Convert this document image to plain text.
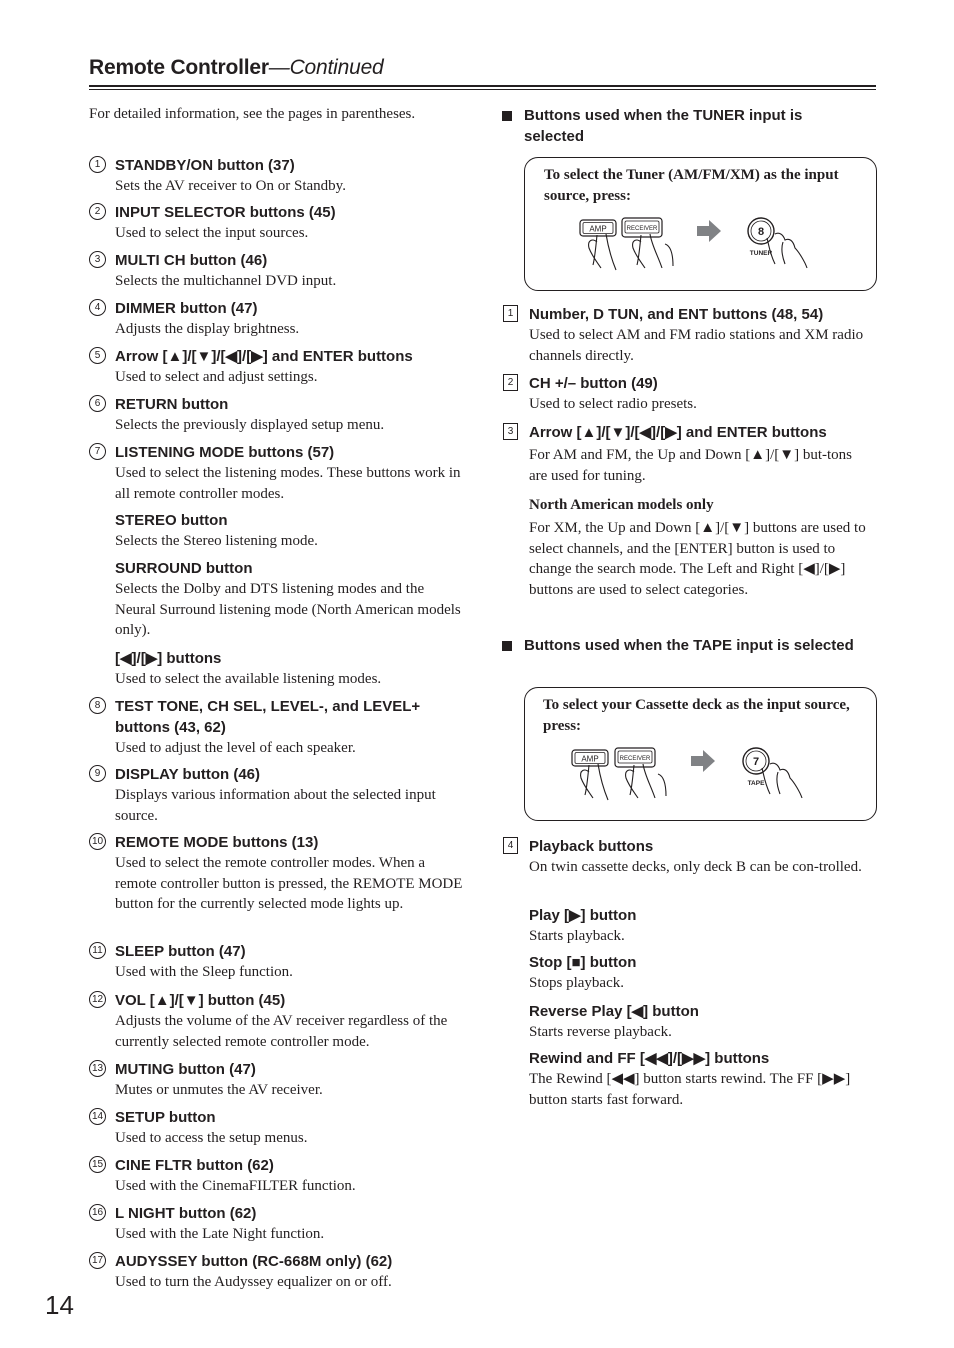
Remote Controller—Continued
For detailed information, see the pages in parentheses.
1 STANDBY/ON button (37)
Sets the AV receiver to On or Standby.
2 INPUT SELECTOR buttons (45)
Used to select the input sources.
3 MULTI CH button (46)
Selects the multichannel DVD input.
4 DIMMER button (47)
Adjusts the display brightness.
5 Arrow [▲]/[▼]/[◀]/[▶] and ENTER buttons
Used to select and adjust settings.
6 RETURN button
Selects the previously displayed setup menu.
7 LISTENING MODE buttons (57)
Used to select the listening modes. These buttons work in all remote controller modes.
STEREO button
Selects the Stereo listening mode.
SURROUND button
Selects the Dolby and DTS listening modes and the Neural Surround listening mode (North American models only).
[◀]/[▶] buttons
Used to select the available listening modes.
8 TEST TONE, CH SEL, LEVEL-, and LEVEL+
buttons (43, 62)
Used to adjust the level of each speaker.
9 DISPLAY button (46)
Displays various information about the selected input source.
10 REMOTE MODE buttons (13)
Used to select the remote controller modes. When a remote controller button is pressed, the REMOTE MODE button for the currently selected mode lights up.
11 SLEEP button (47)
Used with the Sleep function.
12 VOL [▲]/[▼] button (45)
Adjusts the volume of the AV receiver regardless of the currently selected remote controller mode.
13 MUTING button (47)
Mutes or unmutes the AV receiver.
14 SETUP button
Used to access the setup menus.
15 CINE FLTR button (62)
Used with the CinemaFILTER function.
16 L NIGHT button (62)
Used with the Late Night function.
17 AUDYSSEY button (RC-668M only) (62)
Used to turn the Audyssey equalizer on or off.
Buttons used when the TUNER input is selected
To select the Tuner (AM/FM/XM) as the input source, press:
AMP	RECEIVER	8
TUNER
1	Number, D TUN, and ENT buttons (48, 54)
Used to select AM and FM radio stations and XM radio channels directly.
2	CH +/– button (49)
Used to select radio presets.
3	Arrow [▲]/[▼]/[◀]/[▶] and ENTER buttons
For AM and FM, the Up and Down [▲]/[▼] but-tons are used for tuning.
North American models only
For XM, the Up and Down [▲]/[▼] buttons are used to select channels, and the [ENTER] button is used to change the search mode. The Left and Right [◀]/[▶] buttons are used to select categories.
Buttons used when the TAPE input is selected
To select your Cassette deck as the input source, press:
AMP	RECEIVER	7
TAPE
4	Playback buttons
On twin cassette decks, only deck B can be con-trolled.
Play [▶] button
Starts playback.
Stop [■] button
Stops playback.
Reverse Play [◀] button
Starts reverse playback.
Rewind and FF [◀◀]/[▶▶] buttons
The Rewind [◀◀] button starts rewind. The FF [▶▶] button starts fast forward.
14
